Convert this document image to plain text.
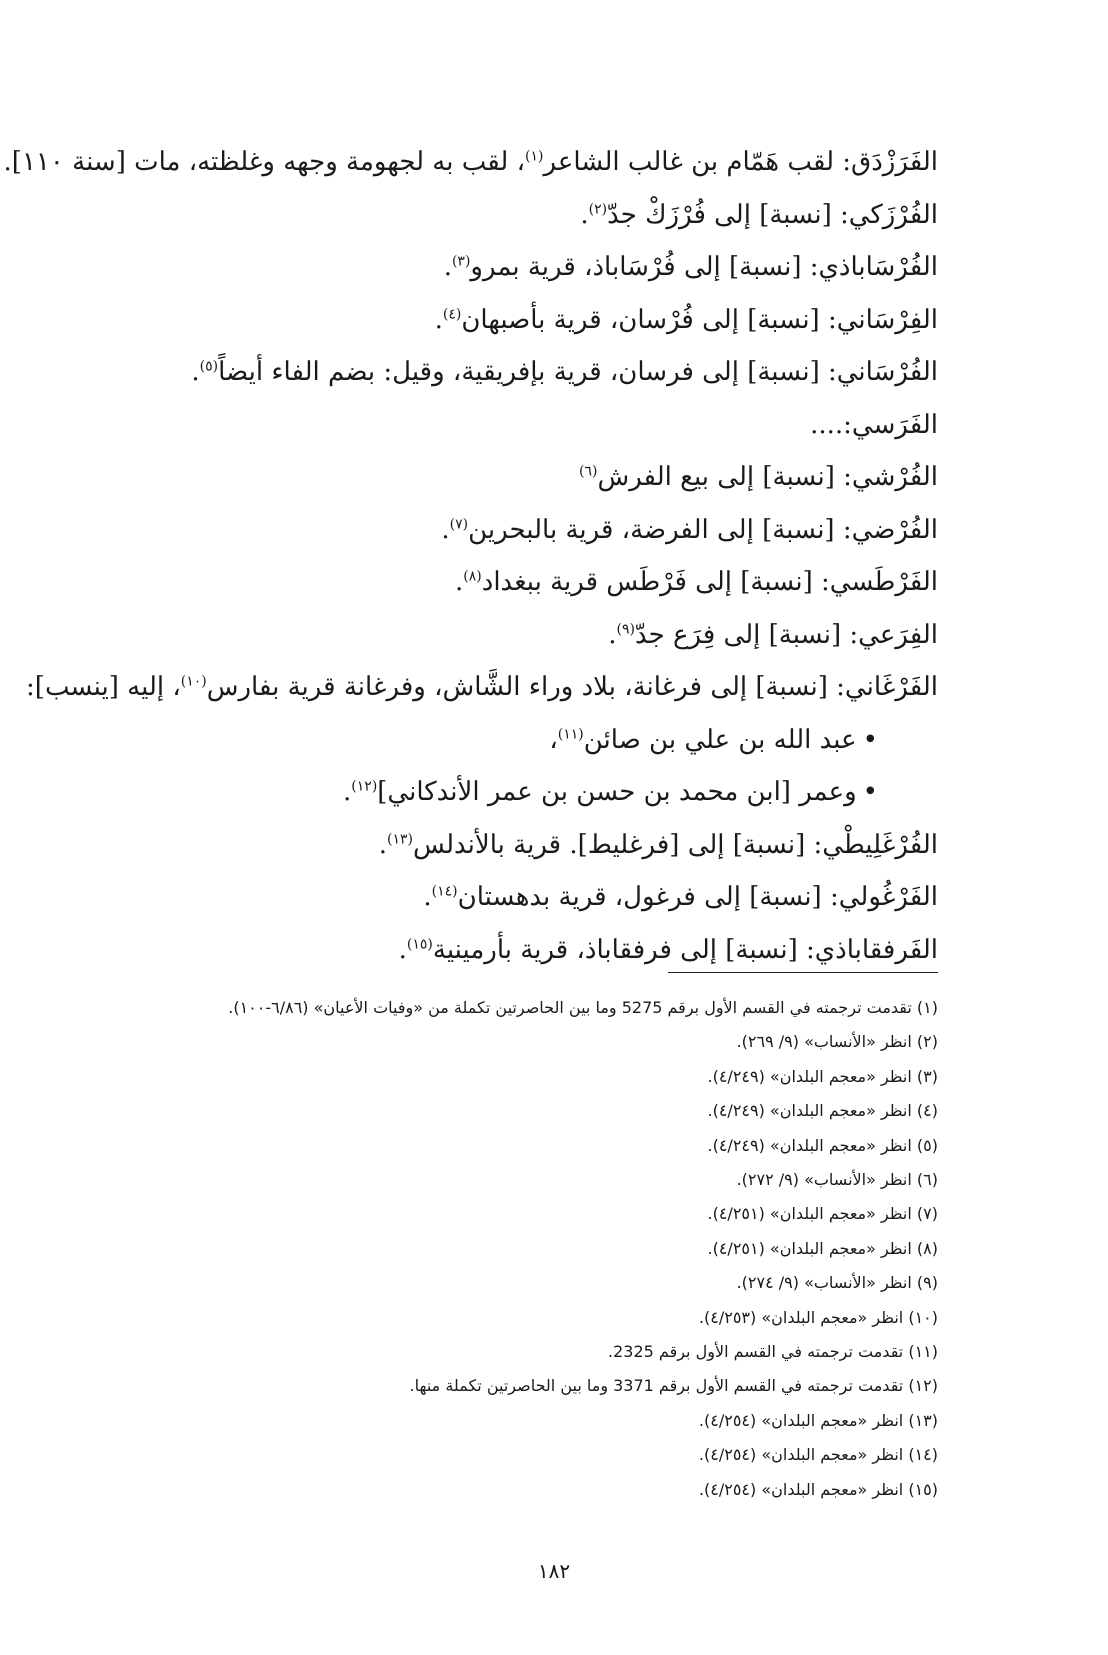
الفَرَزْدَق: لقب هَمّام بن غالب الشاعر$^{(١)}$، لقب به لجهومة وجهه وغلظته، مات [سنة ١١٠].

الفُرْزَكي: [نسبة] إلى فُرْزَكْ جدّ$^{(٢)}$.

الفُرْسَاباذي: [نسبة] إلى فُرْسَاباذ، قرية بمرو$^{(٣)}$.

الفِرْسَاني: [نسبة] إلى فُرْسان، قرية بأصبهان$^{(٤)}$.

الفُرْسَاني: [نسبة] إلى فرسان، قرية بإفريقية، وقيل: بضم الفاء أيضاً$^{(٥)}$.

الفَرَسي:....

الفُرْشي: [نسبة] إلى بيع الفرش$^{(٦)}$

الفُرْضي: [نسبة] إلى الفرضة، قرية بالبحرين$^{(٧)}$.

الفَرْطَسي: [نسبة] إلى فَرْطَس قرية ببغداد$^{(٨)}$.

الفِرَعي: [نسبة] إلى فِرَع جدّ$^{(٩)}$.

الفَرْغَاني: [نسبة] إلى فرغانة، بلاد وراء الشَّاش، وفرغانة قرية بفارس$^{(١٠)}$، إليه [ينسب]:

• عبد الله بن علي بن صائن$^{(١١)}$،

• وعمر [ابن محمد بن حسن بن عمر الأندكاني]$^{(١٢)}$.

الفُرْغَلِيطْي: [نسبة] إلى [فرغليط]. قرية بالأندلس$^{(١٣)}$.

الفَرْغُولي: [نسبة] إلى فرغول، قرية بدهستان$^{(١٤)}$.

الفَرفقاباذي: [نسبة] إلى فرفقاباذ، قرية بأرمينية$^{(١٥)}$.

(١) تقدمت ترجمته في القسم الأول برقم 5275 وما بين الحاصرتين تكملة من «وفيات الأعيان» (٦/٨٦-١٠٠).

(٢) انظر «الأنساب» (٩/ ٢٦٩).

(٣) انظر «معجم البلدان» (٤/٢٤٩).

(٤) انظر «معجم البلدان» (٤/٢٤٩).

(٥) انظر «معجم البلدان» (٤/٢٤٩).

(٦) انظر «الأنساب» (٩/ ٢٧٢).

(٧) انظر «معجم البلدان» (٤/٢٥١).

(٨) انظر «معجم البلدان» (٤/٢٥١).

(٩) انظر «الأنساب» (٩/ ٢٧٤).

(١٠) انظر «معجم البلدان» (٤/٢٥٣).

(١١) تقدمت ترجمته في القسم الأول برقم 2325.

(١٢) تقدمت ترجمته في القسم الأول برقم 3371 وما بين الحاصرتين تكملة منها.

(١٣) انظر «معجم البلدان» (٤/٢٥٤).

(١٤) انظر «معجم البلدان» (٤/٢٥٤).

(١٥) انظر «معجم البلدان» (٤/٢٥٤).

١٨٢
